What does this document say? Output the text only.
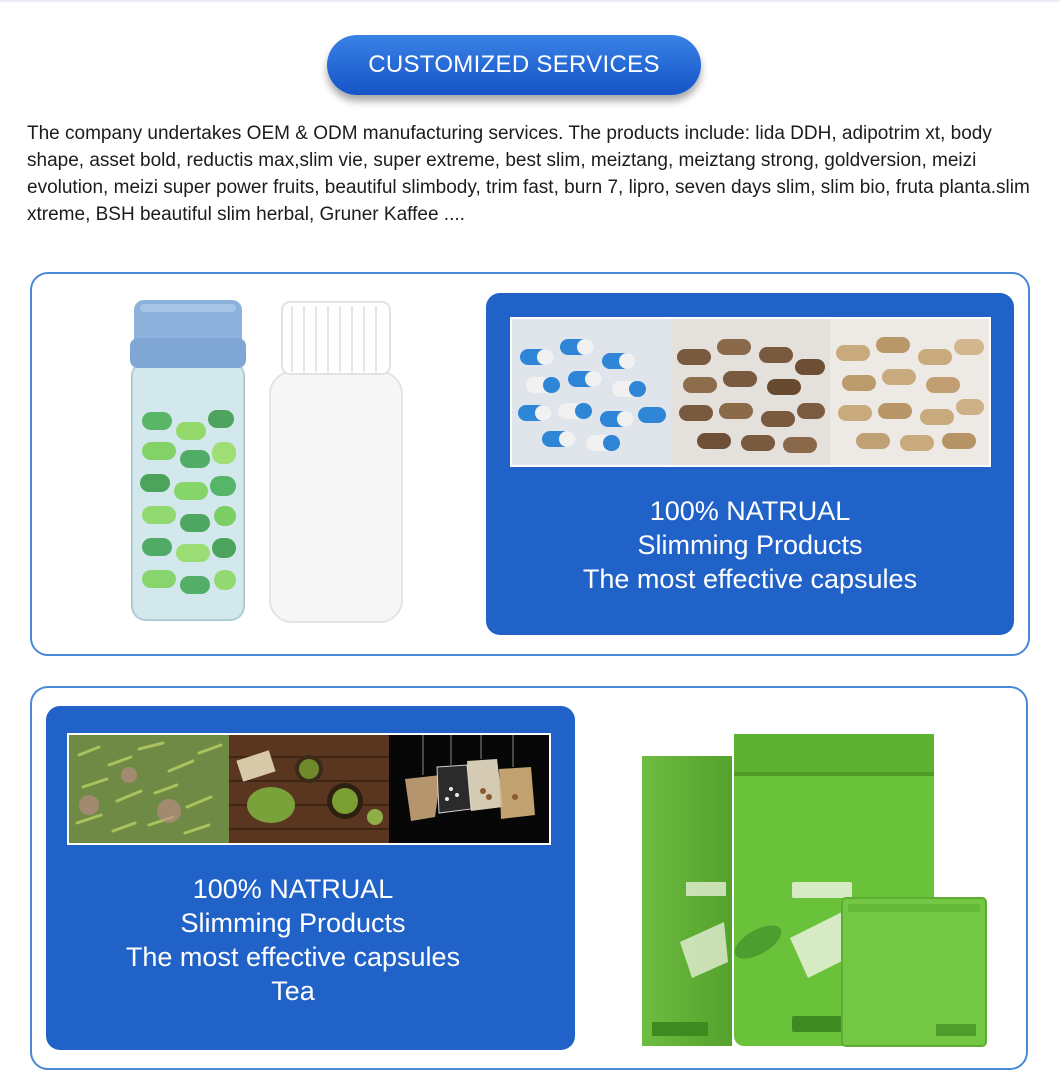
CUSTOMIZED SERVICES
The company undertakes OEM & ODM manufacturing services. The products include: lida DDH, adipotrim xt, body shape, asset bold, reductis max,slim vie, super extreme, best slim, meiztang, meiztang strong, goldversion, meizi evolution, meizi super power fruits, beautiful slimbody, trim fast, burn 7, lipro, seven days slim, slim bio, fruta planta.slim xtreme, BSH beautiful slim herbal, Gruner Kaffee ....
100% NATRUAL
Slimming Products
The most effective capsules
100% NATRUAL
Slimming Products
The most effective capsules
Tea
